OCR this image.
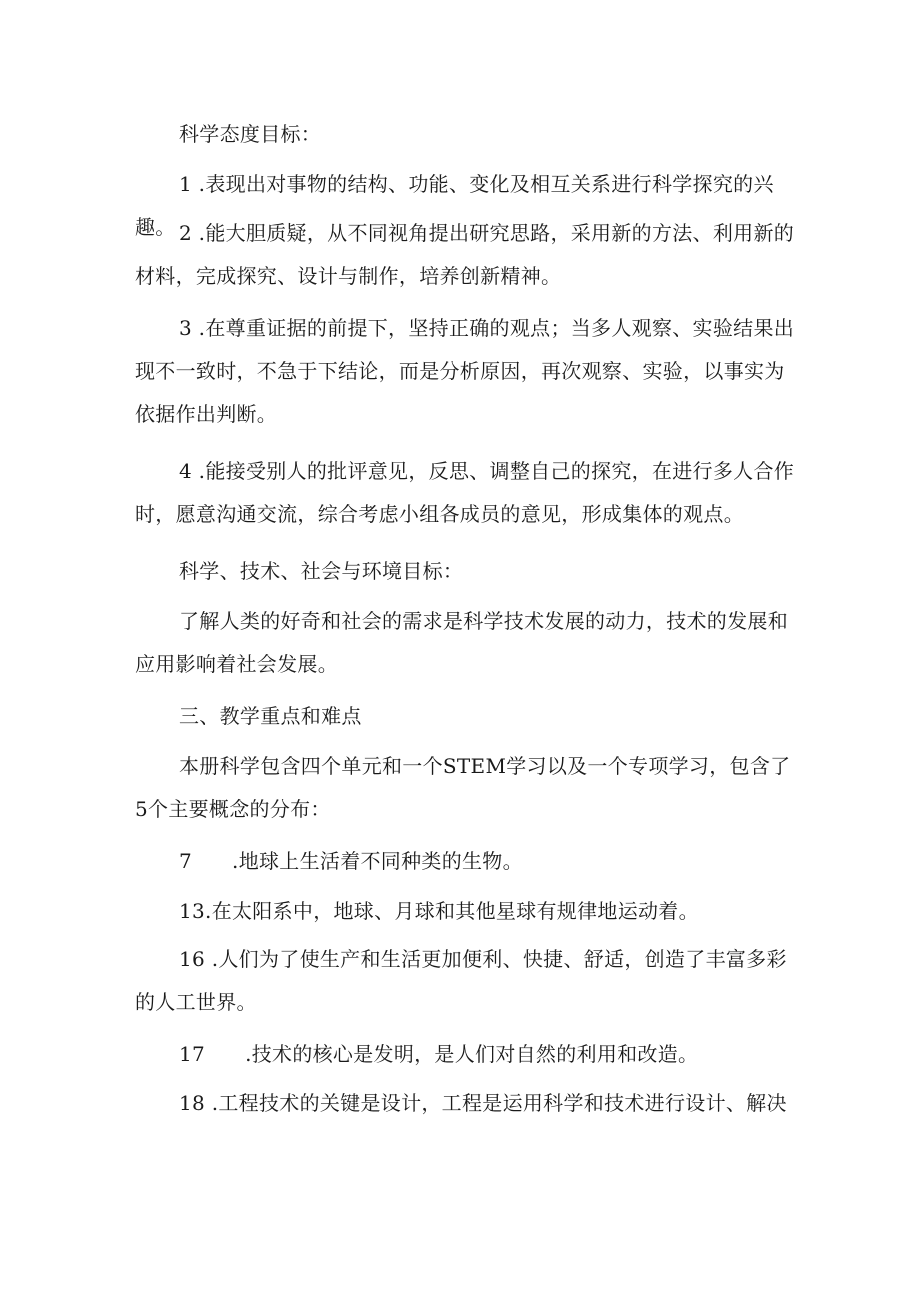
科学态度目标：

1 .表现出对事物的结构、功能、变化及相互关系进行科学探究的兴趣。 2 .能大胆质疑，从不同视角提出研究思路，采用新的方法、利用新的材料，完成探究、设计与制作，培养创新精神。

3 .在尊重证据的前提下，坚持正确的观点；当多人观察、实验结果出现不一致时，不急于下结论，而是分析原因，再次观察、实验，以事实为依据作出判断。

4 .能接受别人的批评意见，反思、调整自己的探究，在进行多人合作时，愿意沟通交流，综合考虑小组各成员的意见，形成集体的观点。

科学、技术、社会与环境目标：

了解人类的好奇和社会的需求是科学技术发展的动力，技术的发展和应用影响着社会发展。

三、教学重点和难点

本册科学包含四个单元和一个STEM学习以及一个专项学习，包含了5个主要概念的分布：

7 .地球上生活着不同种类的生物。

13.在太阳系中，地球、月球和其他星球有规律地运动着。

16 .人们为了使生产和生活更加便利、快捷、舒适，创造了丰富多彩的人工世界。

17 .技术的核心是发明，是人们对自然的利用和改造。

18 .工程技术的关键是设计，工程是运用科学和技术进行设计、解决
